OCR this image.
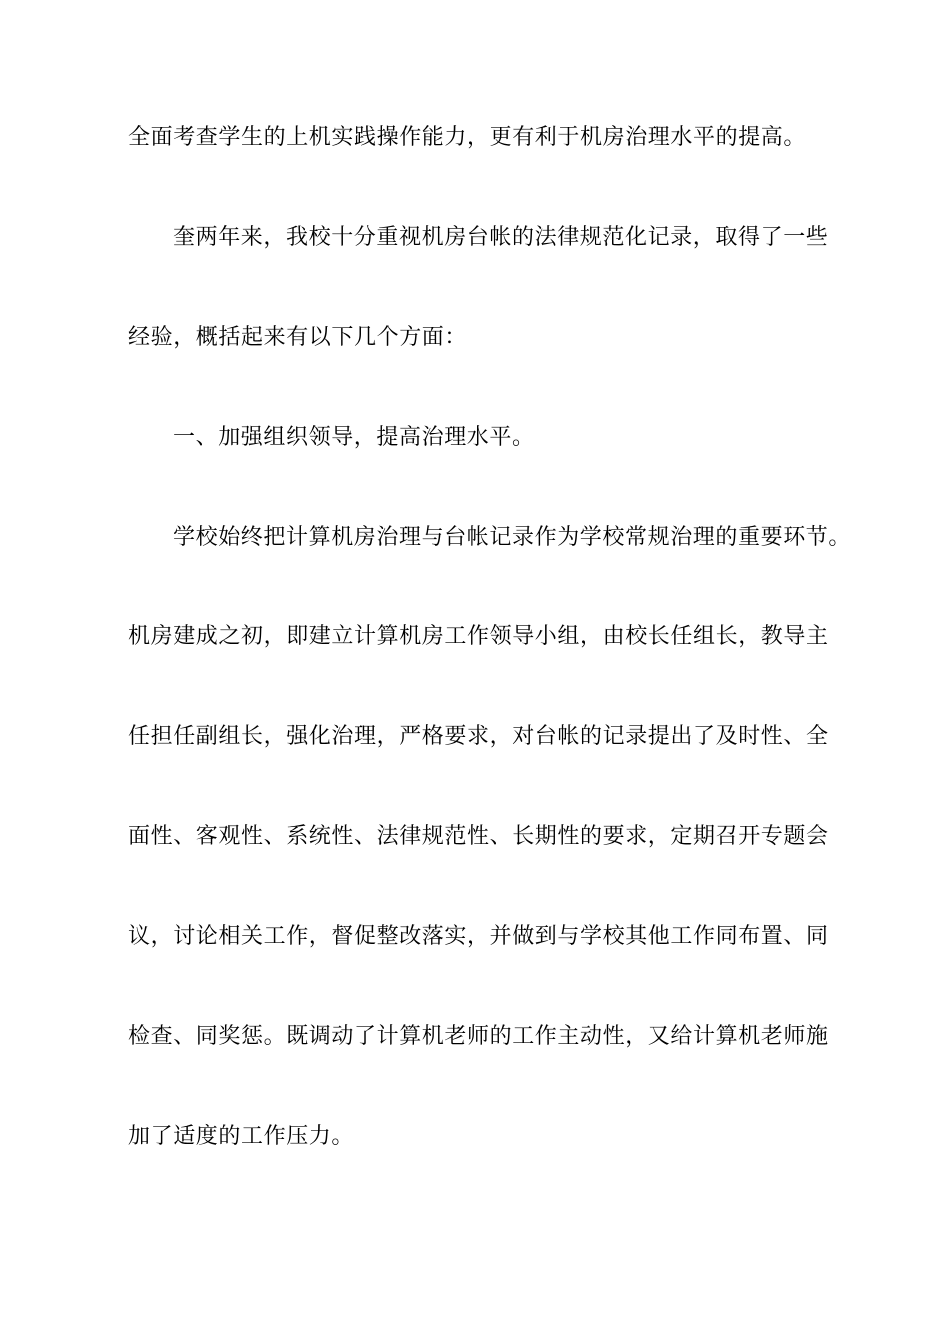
全面考查学生的上机实践操作能力，更有利于机房治理水平的提高。
奎两年来，我校十分重视机房台帐的法律规范化记录，取得了一些
经验，概括起来有以下几个方面：
一、加强组织领导，提高治理水平。
学校始终把计算机房治理与台帐记录作为学校常规治理的重要环节。
机房建成之初，即建立计算机房工作领导小组，由校长任组长，教导主
任担任副组长，强化治理，严格要求，对台帐的记录提出了及时性、全
面性、客观性、系统性、法律规范性、长期性的要求，定期召开专题会
议，讨论相关工作，督促整改落实，并做到与学校其他工作同布置、同
检查、同奖惩。既调动了计算机老师的工作主动性，又给计算机老师施
加了适度的工作压力。
